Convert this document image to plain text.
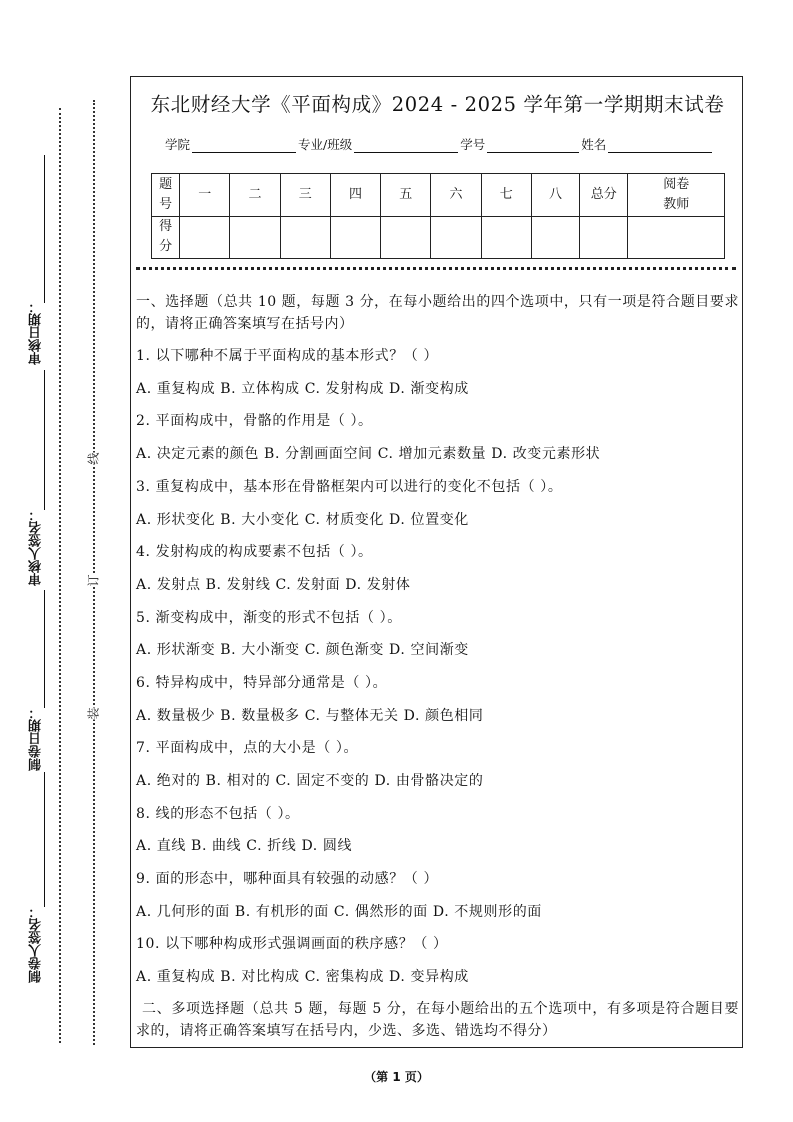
审核日期：
审核人签名：
制卷日期：
制卷人签名：
线
订
装
东北财经大学《平面构成》2024 - 2025 学年第一学期期末试卷
学院	专业/班级	学号	姓名
题号	一	二	三	四	五	六	七	八	总分	阅卷教师
得分										
一、选择题（总共 10 题，每题 3 分，在每小题给出的四个选项中，只有一项是符合题目要求的，请将正确答案填写在括号内）
1. 以下哪种不属于平面构成的基本形式？（ ）
A. 重复构成 B. 立体构成 C. 发射构成 D. 渐变构成
2. 平面构成中，骨骼的作用是（ ）。
A. 决定元素的颜色 B. 分割画面空间 C. 增加元素数量 D. 改变元素形状
3. 重复构成中，基本形在骨骼框架内可以进行的变化不包括（ ）。
A. 形状变化 B. 大小变化 C. 材质变化 D. 位置变化
4. 发射构成的构成要素不包括（ ）。
A. 发射点 B. 发射线 C. 发射面 D. 发射体
5. 渐变构成中，渐变的形式不包括（ ）。
A. 形状渐变 B. 大小渐变 C. 颜色渐变 D. 空间渐变
6. 特异构成中，特异部分通常是（ ）。
A. 数量极少 B. 数量极多 C. 与整体无关 D. 颜色相同
7. 平面构成中，点的大小是（ ）。
A. 绝对的 B. 相对的 C. 固定不变的 D. 由骨骼决定的
8. 线的形态不包括（ ）。
A. 直线 B. 曲线 C. 折线 D. 圆线
9. 面的形态中，哪种面具有较强的动感？（ ）
A. 几何形的面 B. 有机形的面 C. 偶然形的面 D. 不规则形的面
10. 以下哪种构成形式强调画面的秩序感？（ ）
A. 重复构成 B. 对比构成 C. 密集构成 D. 变异构成
二、多项选择题（总共 5 题，每题 5 分，在每小题给出的五个选项中，有多项是符合题目要求的，请将正确答案填写在括号内，少选、多选、错选均不得分）
（第 1 页）
